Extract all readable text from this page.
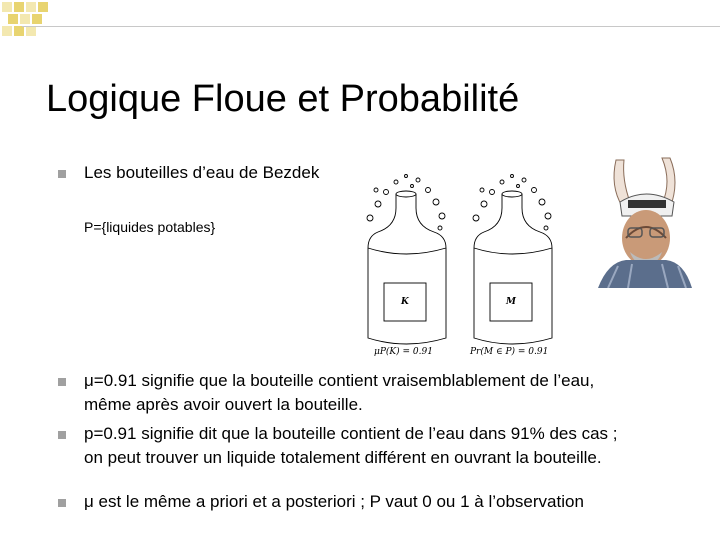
Logique Floue et Probabilité
Les bouteilles d’eau de Bezdek
P={liquides potables}
K	M
μP(K) = 0.91	Pr(M ∈ P) = 0.91
μ=0.91 signifie que la bouteille contient vraisemblablement de l’eau,
même après avoir ouvert la bouteille.
p=0.91 signifie dit que la bouteille contient de l’eau dans 91% des cas ;
on peut trouver un liquide totalement différent en ouvrant la bouteille.
μ est le même a priori et a posteriori ; P vaut 0 ou 1 à l’observation
